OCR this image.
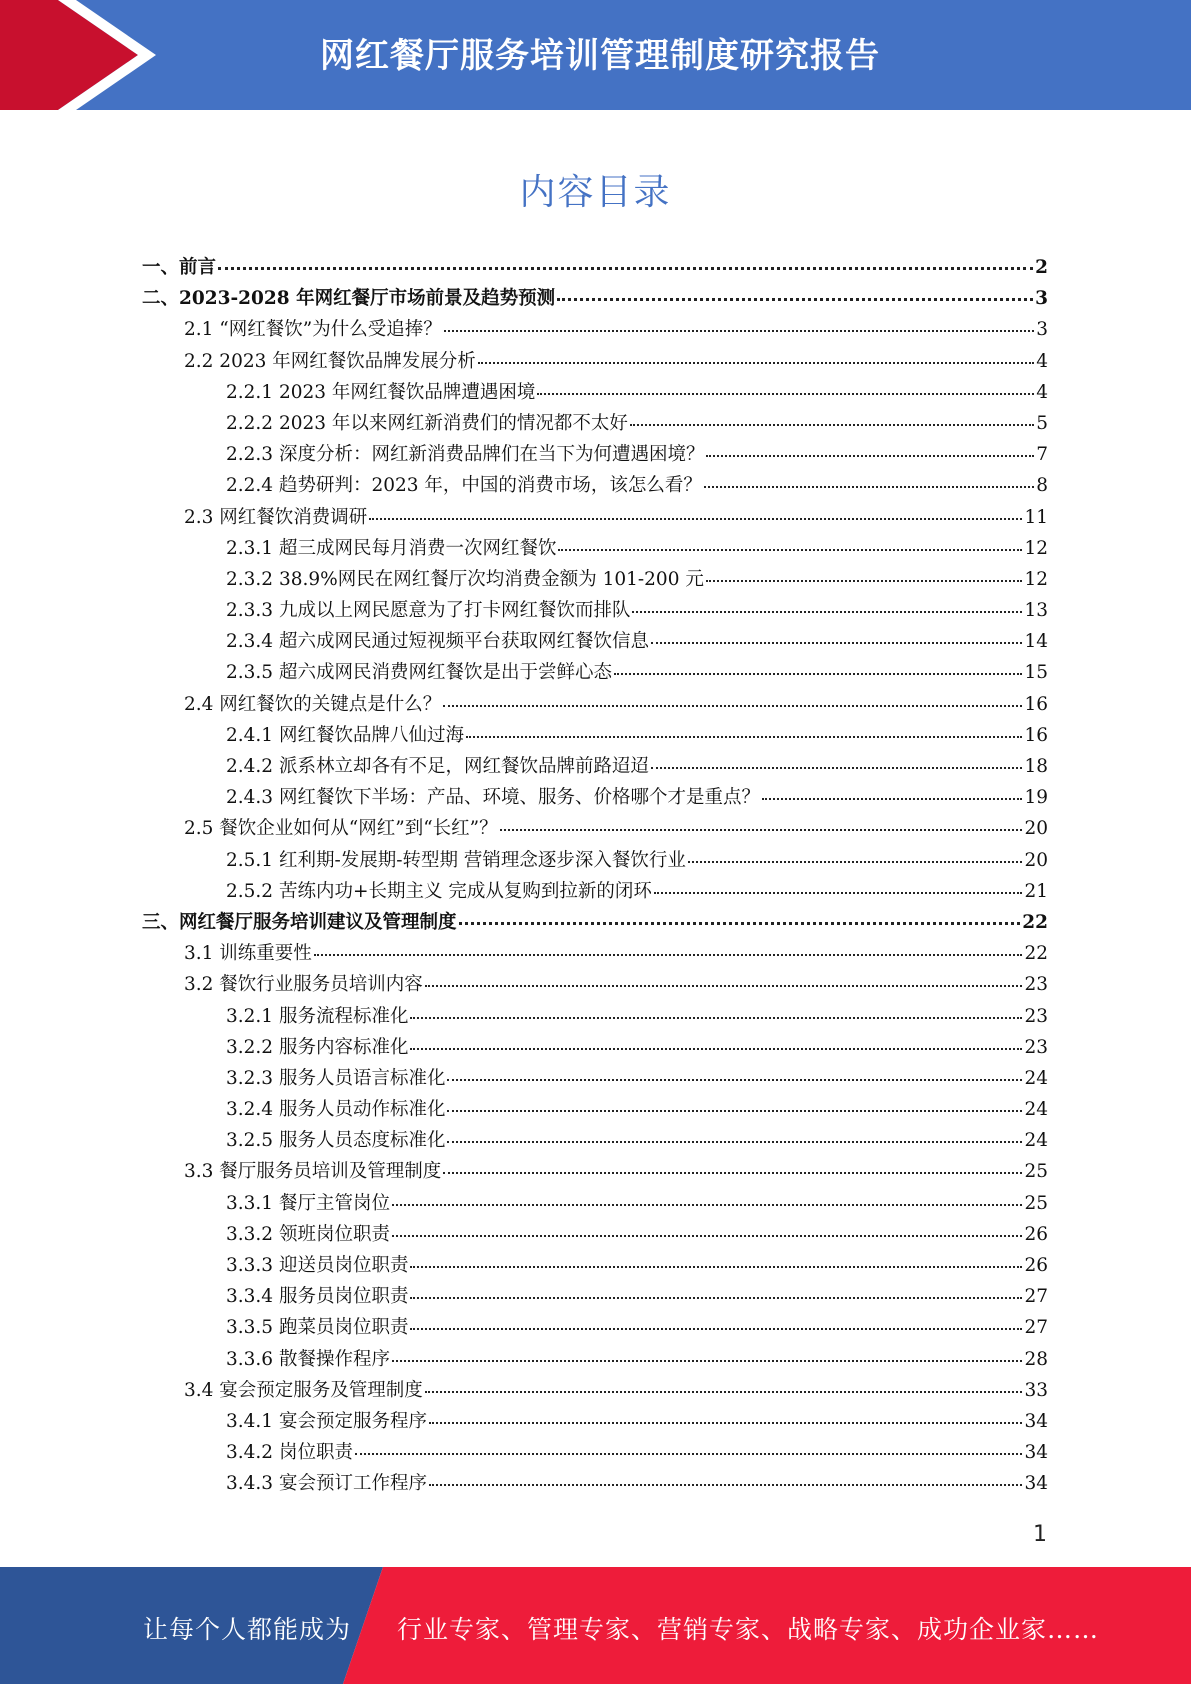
网红餐厅服务培训管理制度研究报告
内容目录
一、前言	2
二、2023-2028 年网红餐厅市场前景及趋势预测	3
2.1 “网红餐饮”为什么受追捧？	3
2.2 2023 年网红餐饮品牌发展分析	4
2.2.1 2023 年网红餐饮品牌遭遇困境	4
2.2.2 2023 年以来网红新消费们的情况都不太好	5
2.2.3 深度分析：网红新消费品牌们在当下为何遭遇困境？	7
2.2.4 趋势研判：2023 年，中国的消费市场，该怎么看？	8
2.3 网红餐饮消费调研	11
2.3.1 超三成网民每月消费一次网红餐饮	12
2.3.2 38.9%网民在网红餐厅次均消费金额为 101-200 元	12
2.3.3 九成以上网民愿意为了打卡网红餐饮而排队	13
2.3.4 超六成网民通过短视频平台获取网红餐饮信息	14
2.3.5 超六成网民消费网红餐饮是出于尝鲜心态	15
2.4 网红餐饮的关键点是什么？	16
2.4.1 网红餐饮品牌八仙过海	16
2.4.2 派系林立却各有不足，网红餐饮品牌前路迢迢	18
2.4.3 网红餐饮下半场：产品、环境、服务、价格哪个才是重点？	19
2.5 餐饮企业如何从“网红”到“长红”？	20
2.5.1 红利期-发展期-转型期 营销理念逐步深入餐饮行业	20
2.5.2 苦练内功+长期主义 完成从复购到拉新的闭环	21
三、网红餐厅服务培训建议及管理制度	22
3.1 训练重要性	22
3.2 餐饮行业服务员培训内容	23
3.2.1 服务流程标准化	23
3.2.2 服务内容标准化	23
3.2.3 服务人员语言标准化	24
3.2.4 服务人员动作标准化	24
3.2.5 服务人员态度标准化	24
3.3 餐厅服务员培训及管理制度	25
3.3.1 餐厅主管岗位	25
3.3.2 领班岗位职责	26
3.3.3 迎送员岗位职责	26
3.3.4 服务员岗位职责	27
3.3.5 跑菜员岗位职责	27
3.3.6 散餐操作程序	28
3.4 宴会预定服务及管理制度	33
3.4.1 宴会预定服务程序	34
3.4.2 岗位职责	34
3.4.3 宴会预订工作程序	34
1
让每个人都能成为 行业专家、管理专家、营销专家、战略专家、成功企业家……
